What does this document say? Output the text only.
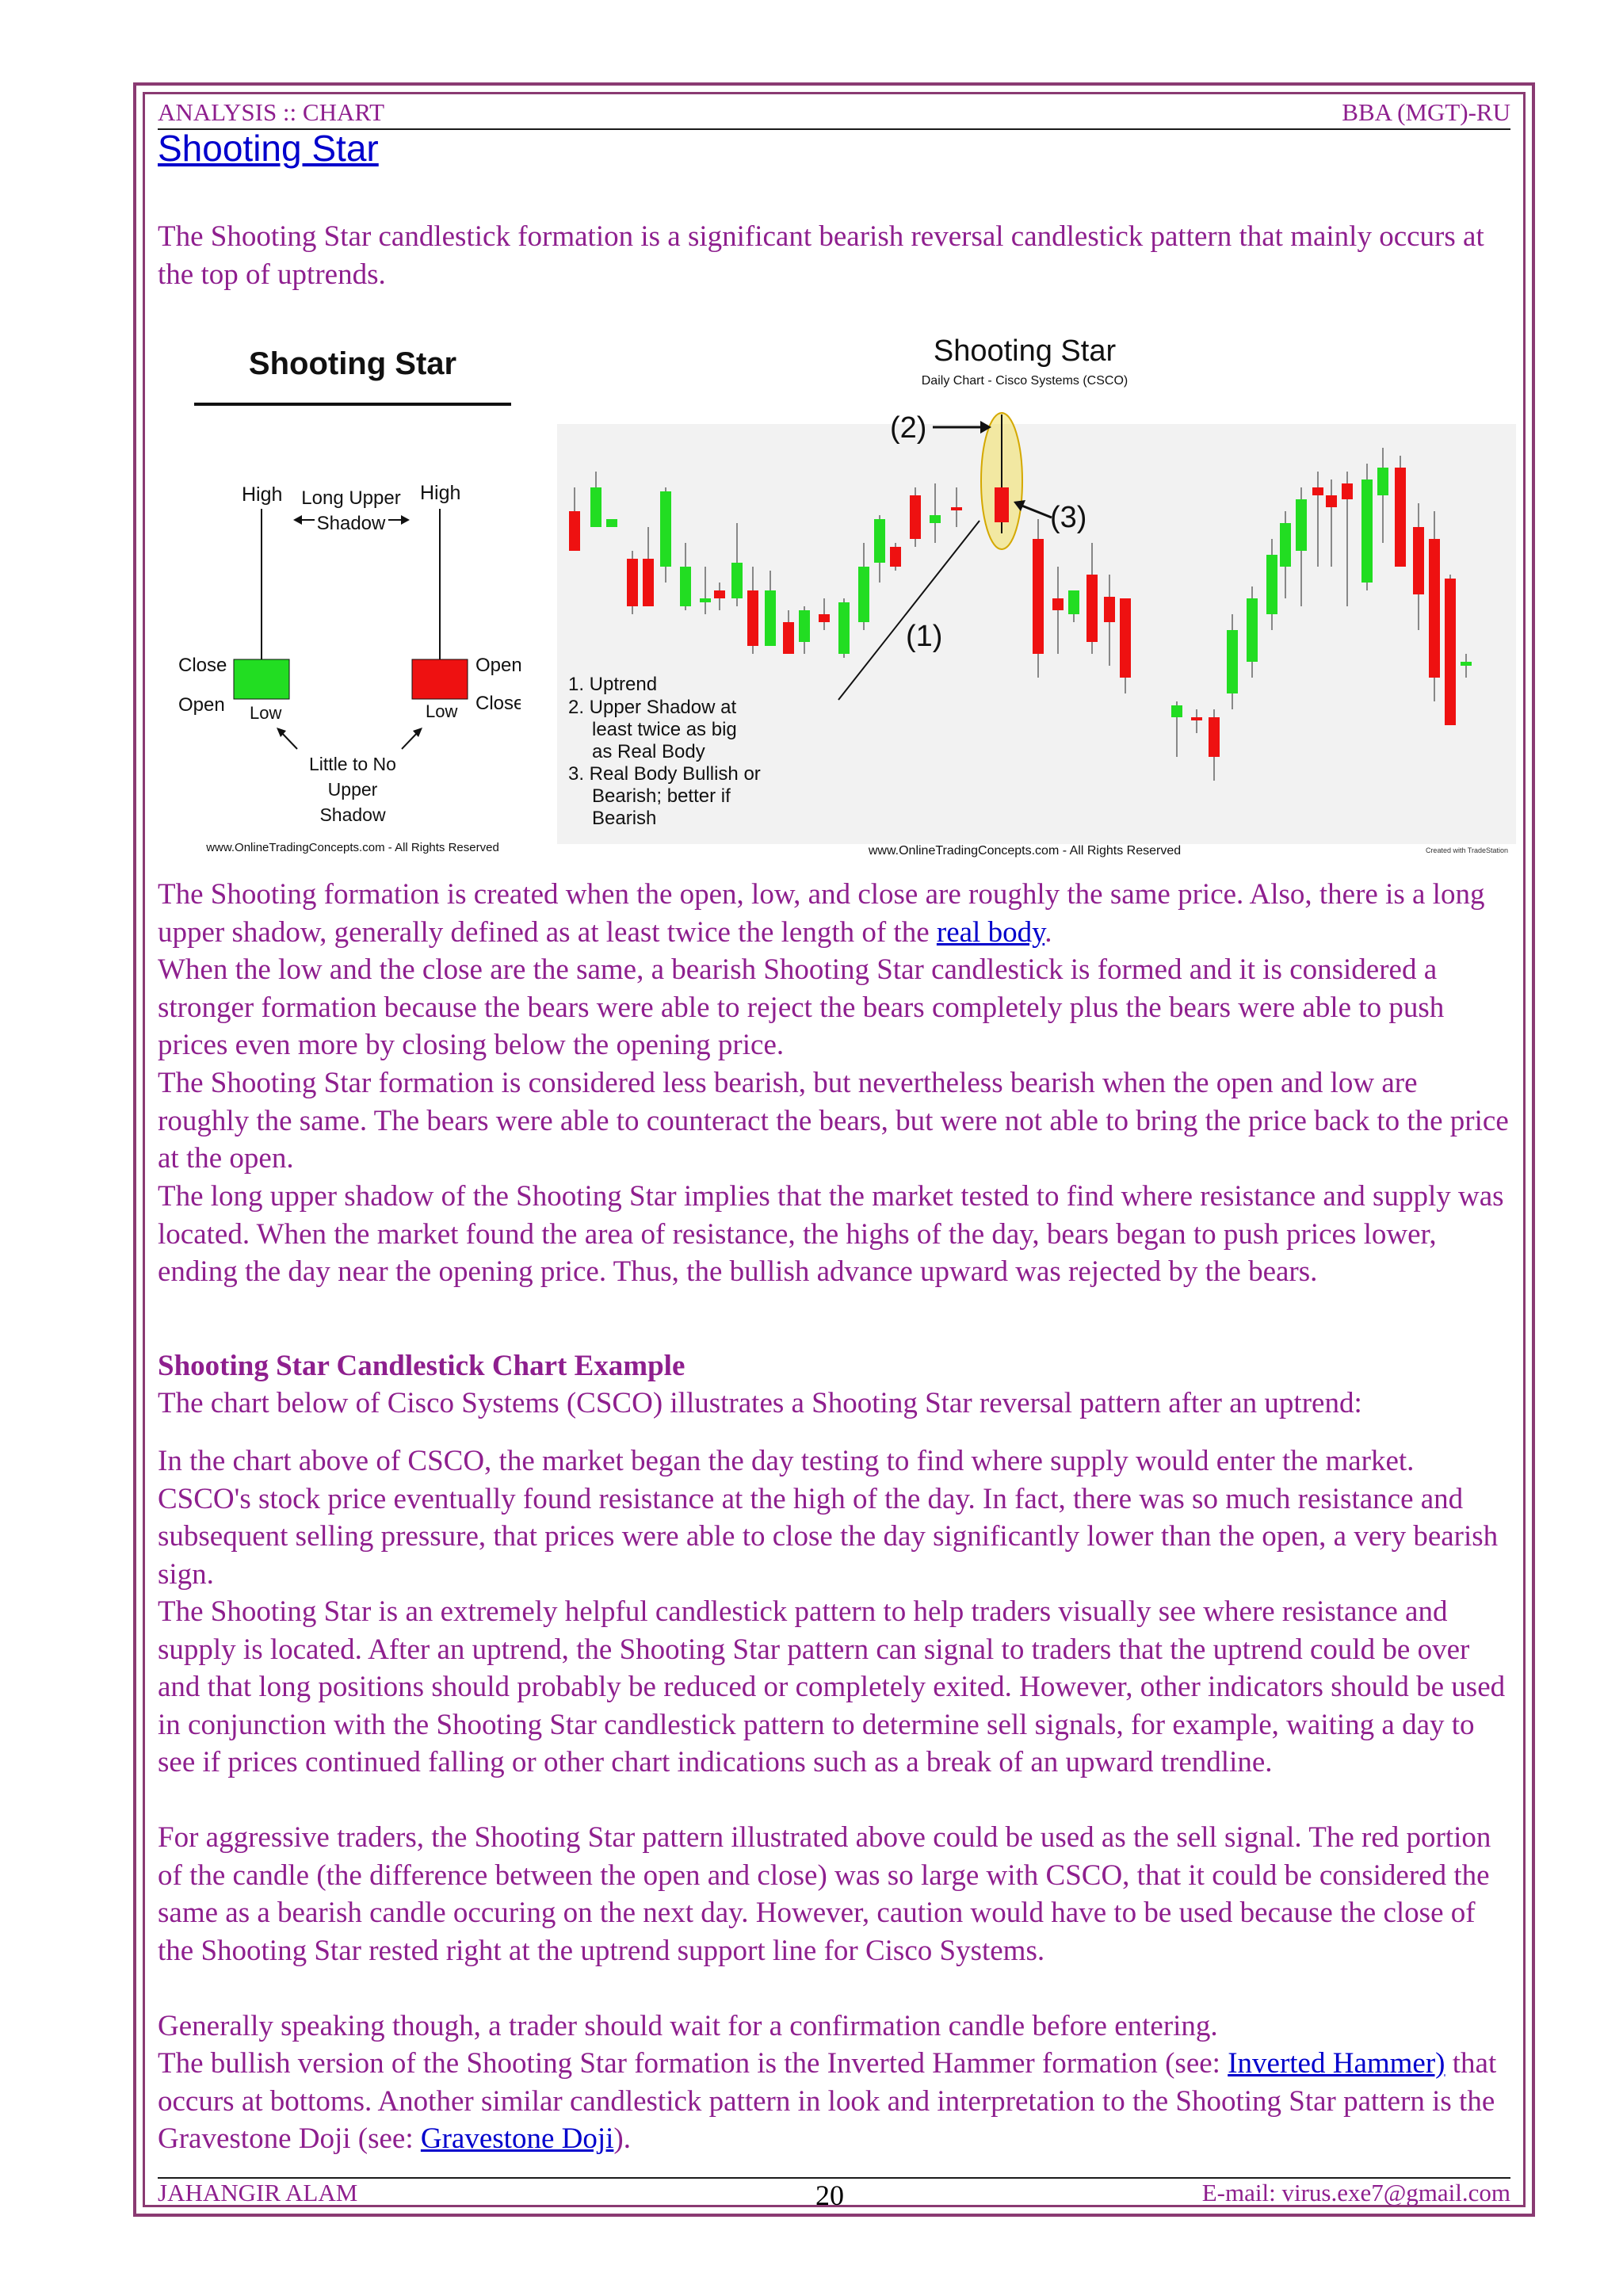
ANALYSIS :: CHART	BBA (MGT)-RU
Shooting Star

The Shooting Star candlestick formation is a significant bearish reversal candlestick pattern that mainly occurs at the top of uptrends.

Shooting Star
High	High
Long Upper
Shadow
Close
Open
Open
Close
Low	Low
Little to No
Upper
Shadow
www.OnlineTradingConcepts.com - All Rights Reserved
Shooting Star
Daily Chart - Cisco Systems (CSCO)
(2)
(3)
(1)
1. Uptrend
2. Upper Shadow at
least twice as big
as Real Body
3. Real Body Bullish or
Bearish; better if
Bearish
www.OnlineTradingConcepts.com - All Rights Reserved	Created with TradeStation

The Shooting formation is created when the open, low, and close are roughly the same price. Also, there is a long upper shadow, generally defined as at least twice the length of the real body.

When the low and the close are the same, a bearish Shooting Star candlestick is formed and it is considered a stronger formation because the bears were able to reject the bears completely plus the bears were able to push prices even more by closing below the opening price.

The Shooting Star formation is considered less bearish, but nevertheless bearish when the open and low are roughly the same. The bears were able to counteract the bears, but were not able to bring the price back to the price at the open.

The long upper shadow of the Shooting Star implies that the market tested to find where resistance and supply was located. When the market found the area of resistance, the highs of the day, bears began to push prices lower, ending the day near the opening price. Thus, the bullish advance upward was rejected by the bears.

Shooting Star Candlestick Chart Example

The chart below of Cisco Systems (CSCO) illustrates a Shooting Star reversal pattern after an uptrend:

In the chart above of CSCO, the market began the day testing to find where supply would enter the market. CSCO's stock price eventually found resistance at the high of the day. In fact, there was so much resistance and subsequent selling pressure, that prices were able to close the day significantly lower than the open, a very bearish sign.

The Shooting Star is an extremely helpful candlestick pattern to help traders visually see where resistance and supply is located. After an uptrend, the Shooting Star pattern can signal to traders that the uptrend could be over and that long positions should probably be reduced or completely exited. However, other indicators should be used in conjunction with the Shooting Star candlestick pattern to determine sell signals, for example, waiting a day to see if prices continued falling or other chart indications such as a break of an upward trendline.

For aggressive traders, the Shooting Star pattern illustrated above could be used as the sell signal. The red portion of the candle (the difference between the open and close) was so large with CSCO, that it could be considered the same as a bearish candle occuring on the next day. However, caution would have to be used because the close of the Shooting Star rested right at the uptrend support line for Cisco Systems.

Generally speaking though, a trader should wait for a confirmation candle before entering.

The bullish version of the Shooting Star formation is the Inverted Hammer formation (see: Inverted Hammer) that occurs at bottoms. Another similar candlestick pattern in look and interpretation to the Shooting Star pattern is the Gravestone Doji (see: Gravestone Doji).

JAHANGIR ALAM	20	E-mail: virus.exe7@gmail.com
